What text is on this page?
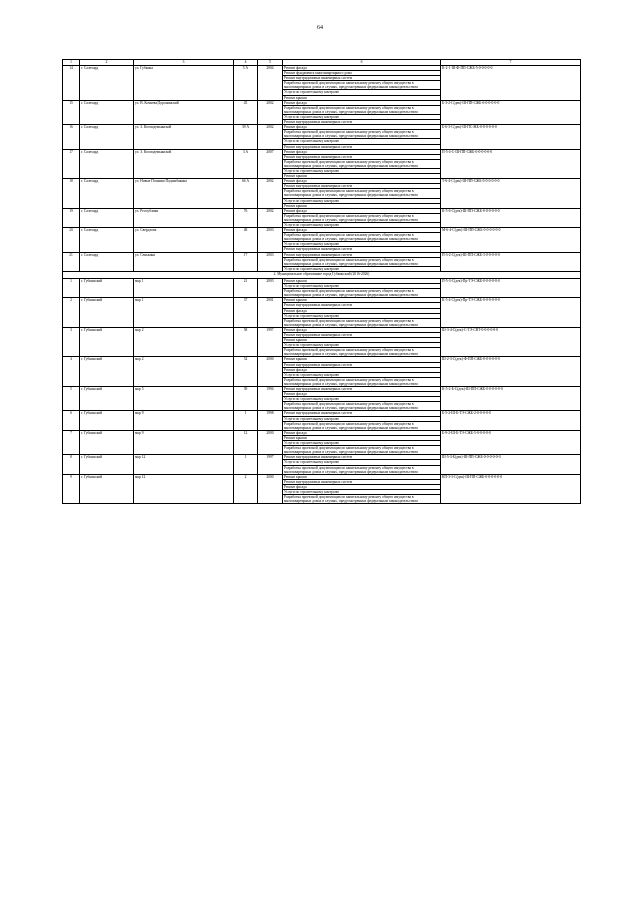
64
1	2	3	4	5	6	7
14	г. Салехард	ул. Губкина	5 А	2004	Ремонт фасада	К-2-1-Ш-Ф-ПП-СЖБ-5-0-0-0-0-0
					Ремонт фундамента многоквартирного дома	
					Ремонт внутридомовых инженерных систем	
					Разработка проектной документации по капитальному ремонту общего имущества в многоквартирных домах в случаях, предусмотренных федеральным законодательством	
					Услуги по строительному контролю	
					Ремонт крыши	
15	г. Салехард	ул. В. Кочнева/Доронинский	45	2002	Ремонт фасада	Б-3-2-С(дек)-Ш-ПП-СЖБ-6-0-0-0-0-0
					Разработка проектной документации по капитальному ремонту общего имущества в многоквартирных домах в случаях, предусмотренных федеральным законодательством	
					Услуги по строительному контролю	
					Ремонт внутридомовых инженерных систем	
16	г. Салехард	ул. З. Космодемьянской	39 А	2002	Ремонт фасада	Б-6-3-С(дек)-Ш-ПС-ЖБ-0-0-0-0-0-0
					Разработка проектной документации по капитальному ремонту общего имущества в многоквартирных домах в случаях, предусмотренных федеральным законодательством	
					Услуги по строительному контролю	
					Ремонт внутридомовых инженерных систем	
17	г. Салехард	ул. З. Космодемьянской	3 А	2007	Ремонт фасада	П-5-4-С-Ш-ПП-СЖБ-0-0-0-0-0-0
					Ремонт внутридомовых инженерных систем	
					Разработка проектной документации по капитальному ремонту общего имущества в многоквартирных домах в случаях, предусмотренных федеральным законодательством	
					Услуги по строительному контролю	
					Ремонт крыши	
18	г. Салехард	ул. Новые Полянки Подшибякина	66 А	2002	Ремонт фасада	Т-6-4-С(дек)-Ш-ПП-СЖБ-0-0-0-0-0-0
					Ремонт внутридомовых инженерных систем	
					Разработка проектной документации по капитальному ремонту общего имущества в многоквартирных домах в случаях, предусмотренных федеральным законодательством	
					Услуги по строительному контролю	
					Ремонт крыши	
19	г. Салехард	ул. Республики	76	2002	Ремонт фасада	К-5-6-С(дек)-Ш-ПП-СЖБ-0-0-0-0-0-0
					Разработка проектной документации по капитальному ремонту общего имущества в многоквартирных домах в случаях, предусмотренных федеральным законодательством	
					Услуги по строительному контролю	
20	г. Салехард	ул. Свердлова	48	2003	Ремонт фасада	М-6-4-С(дек)-Ш-ПП-СЖБ-0-0-0-0-0-0
					Разработка проектной документации по капитальному ремонту общего имущества в многоквартирных домах в случаях, предусмотренных федеральным законодательством	
					Услуги по строительному контролю	
					Ремонт внутридомовых инженерных систем	
21	г. Салехард	ул. Сенькина	17	2003	Ремонт внутридомовых инженерных систем	П-3-2-С(дек)-Ш-ПП-СЖБ-3-0-0-0-0-0
					Разработка проектной документации по капитальному ремонту общего имущества в многоквартирных домах в случаях, предусмотренных федеральным законодательством	
					Услуги по строительному контролю	
2. Муниципальное образование город Губкинский (2016-2026)						
1	г. Губкинский	мкр 1	21	2003	Ремонт крыши	П-5-3-С(дек)-Пр-ТЭ-СЖБ-0-0-0-0-0-0
					Услуги по строительному контролю	
					Разработка проектной документации по капитальному ремонту общего имущества в многоквартирных домах в случаях, предусмотренных федеральным законодательством	
2	г. Губкинский	мкр 1	37	2001	Ремонт крыши	К-5-4-С(дек)-Пр-ТЭ-СЖБ-0-0-0-0-0-0
					Ремонт внутридомовых инженерных систем	
					Ремонт фасада	
					Услуги по строительному контролю	
					Разработка проектной документации по капитальному ремонту общего имущества в многоквартирных домах в случаях, предусмотренных федеральным законодательством	
3	г. Губкинский	мкр 2	58	1997	Ремонт фасада	Ш-3-4-С(дек)-С-ТЭ-СВТ-0-0-0-0-0-0
					Ремонт внутридомовых инженерных систем	
					Ремонт крыши	
					Услуги по строительному контролю	
					Разработка проектной документации по капитальному ремонту общего имущества в многоквартирных домах в случаях, предусмотренных федеральным законодательством	
4	г. Губкинский	мкр 2	52	2000	Ремонт крыши	Ш-2-3-С(дек)-Ф-ПП-СЖБ-0-0-0-0-0-0
					Ремонт внутридомовых инженерных систем	
					Ремонт фасада	
					Услуги по строительному контролю	
					Разработка проектной документации по капитальному ремонту общего имущества в многоквартирных домах в случаях, предусмотренных федеральным законодательством	
5	г. Губкинский	мкр 5	39	1994	Ремонт внутридомовых инженерных систем	К-5-2-Б-С(дек)-Ш-ПП-СЖБ-0-0-0-0-0-0
					Ремонт фасада	
					Услуги по строительному контролю	
					Разработка проектной документации по капитальному ремонту общего имущества в многоквартирных домах в случаях, предусмотренных федеральным законодательством	
6	г. Губкинский	мкр 9	1	1998	Ремонт внутридомовых инженерных систем	Б-5-2-Ш-Б-ТЭ-СЖБ-2-0-0-0-0-0
					Услуги по строительному контролю	
					Разработка проектной документации по капитальному ремонту общего имущества в многоквартирных домах в случаях, предусмотренных федеральным законодательством	
7	г. Губкинский	мкр 9	12	2000	Ремонт фасада	Б-9-2-Ш-Б-ТЭ-СЖБ-5-0-0-0-0-0
					Ремонт крыши	
					Услуги по строительному контролю	
					Разработка проектной документации по капитальному ремонту общего имущества в многоквартирных домах в случаях, предусмотренных федеральным законодательством	
8	г. Губкинский	мкр 12	1	1997	Ремонт внутридомовых инженерных систем	Ш-5-3-Б(дек)-Ш-ПП-СЖБ-0-0-0-0-0-0
					Услуги по строительному контролю	
					Разработка проектной документации по капитальному ремонту общего имущества в многоквартирных домах в случаях, предусмотренных федеральным законодательством	
9	г. Губкинский	мкр 12	2	2000	Ремонт крыши	КП-3-3-С(дек)-Ш-ПП-СЖБ-0-0-0-0-0-0
					Ремонт внутридомовых инженерных систем	
					Ремонт фасада	
					Услуги по строительному контролю	
					Разработка проектной документации по капитальному ремонту общего имущества в многоквартирных домах в случаях, предусмотренных федеральным законодательством	
